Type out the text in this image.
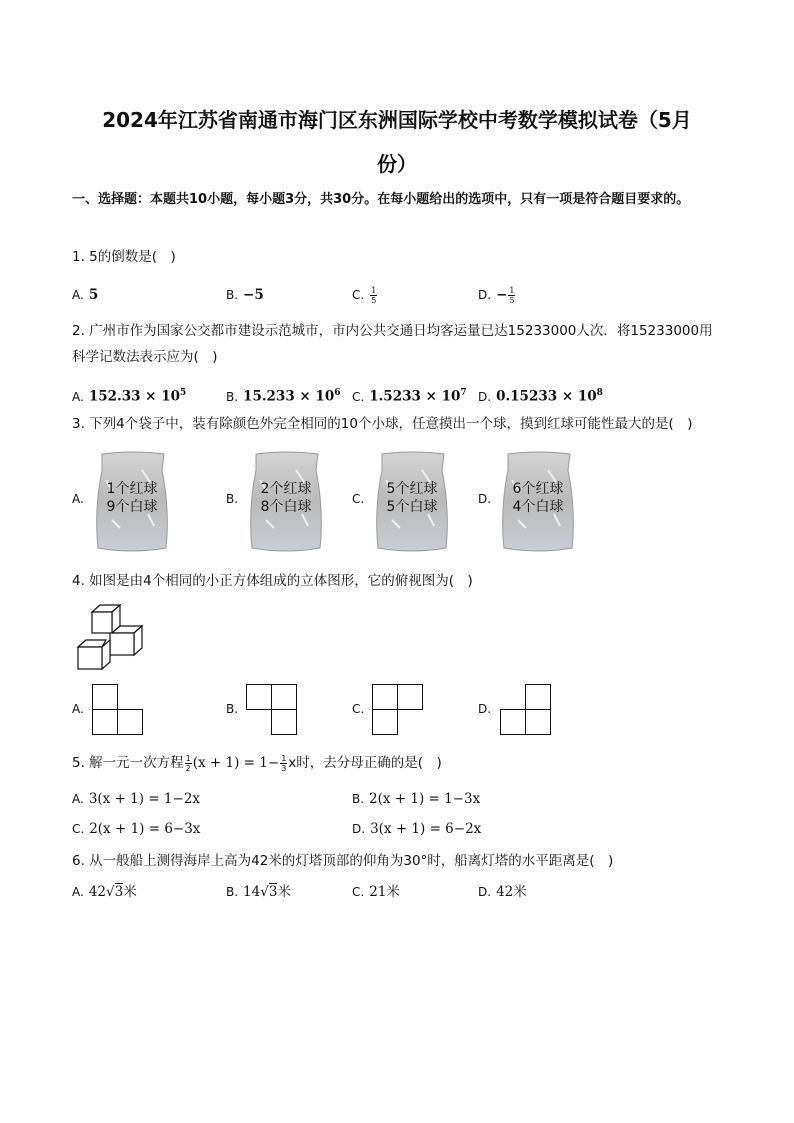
2024年江苏省南通市海门区东洲国际学校中考数学模拟试卷（5月
份）
一、选择题：本题共10小题，每小题3分，共30分。在每小题给出的选项中，只有一项是符合题目要求的。
1. 5的倒数是(　)
A. 5	B. −5	C. $\frac{1}{5}$	D. − $\frac{1}{5}$
2. 广州市作为国家公交都市建设示范城市，市内公共交通日均客运量已达15233000人次．将15233000用科学记数法表示应为(　)
A. $152.33 \times 10^5$	B. $15.233 \times 10^6$ C. $1.5233 \times 10^7$ D. $0.15233 \times 10^8$
3. 下列4个袋子中，装有除颜色外完全相同的10个小球，任意摸出一个球，摸到红球可能性最大的是(　)
A.
1个红球
9个白球	B.
2个红球
8个白球	C.
5个红球
5个白球	D.
6个红球
4个白球
4. 如图是由4个相同的小正方体组成的立体图形，它的俯视图为(　)
A.	B.	C.	D.
5. 解一元一次方程 $\frac{1}{2} (x + 1) = 1- \frac{1}{3}$ x时，去分母正确的是(　)
A. 3(x + 1) = 1−2x	B. 2(x + 1) = 1−3x
C. 2(x + 1) = 6−3x	D. 3(x + 1) = 6−2x
6. 从一般船上测得海岸上高为42米的灯塔顶部的仰角为30°时，船离灯塔的水平距离是(　)
A. 42√3米	B. 14√3米	C. 21米	D. 42米
